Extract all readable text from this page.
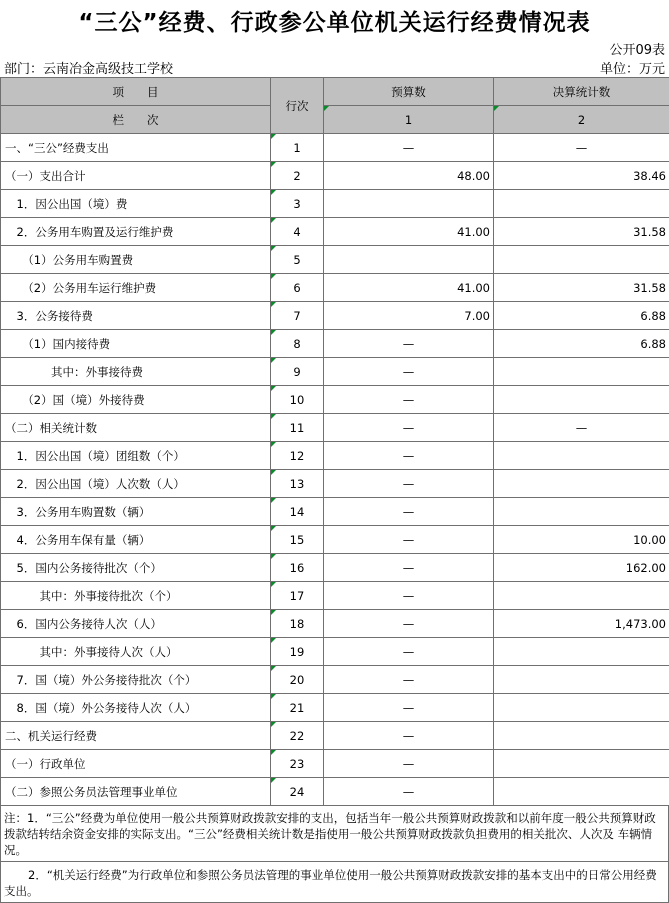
“三公”经费、行政参公单位机关运行经费情况表
公开09表
部门：云南冶金高级技工学校	单位：万元
项　　目	行次	预算数	决算统计数
栏　　次		1	2
一、“三公”经费支出	1	—	—
（一）支出合计	2	48.00	38.46
　1．因公出国（境）费	3		
　2．公务用车购置及运行维护费	4	41.00	31.58
　　（1）公务用车购置费	5		
　　（2）公务用车运行维护费	6	41.00	31.58
　3．公务接待费	7	7.00	6.88
　　（1）国内接待费	8	—	6.88
　　　　其中：外事接待费	9	—	
　　（2）国（境）外接待费	10	—	
（二）相关统计数	11	—	—
　1．因公出国（境）团组数（个）	12	—	
　2．因公出国（境）人次数（人）	13	—	
　3．公务用车购置数（辆）	14	—	
　4．公务用车保有量（辆）	15	—	10.00
　5．国内公务接待批次（个）	16	—	162.00
　　　其中：外事接待批次（个）	17	—	
　6．国内公务接待人次（人）	18	—	1,473.00
　　　其中：外事接待人次（人）	19	—	
　7．国（境）外公务接待批次（个）	20	—	
　8．国（境）外公务接待人次（人）	21	—	
二、机关运行经费	22	—	
（一）行政单位	23	—	
（二）参照公务员法管理事业单位	24	—	
注：1．“三公”经费为单位使用一般公共预算财政拨款安排的支出，包括当年一般公共预算财政拨款和以前年度一般公共预算财政拨款结转结余资金安排的实际支出。“三公”经费相关统计数是指使用一般公共预算财政拨款负担费用的相关批次、人次及 车辆情况。
2．“机关运行经费”为行政单位和参照公务员法管理的事业单位使用一般公共预算财政拨款安排的基本支出中的日常公用经费支出。
